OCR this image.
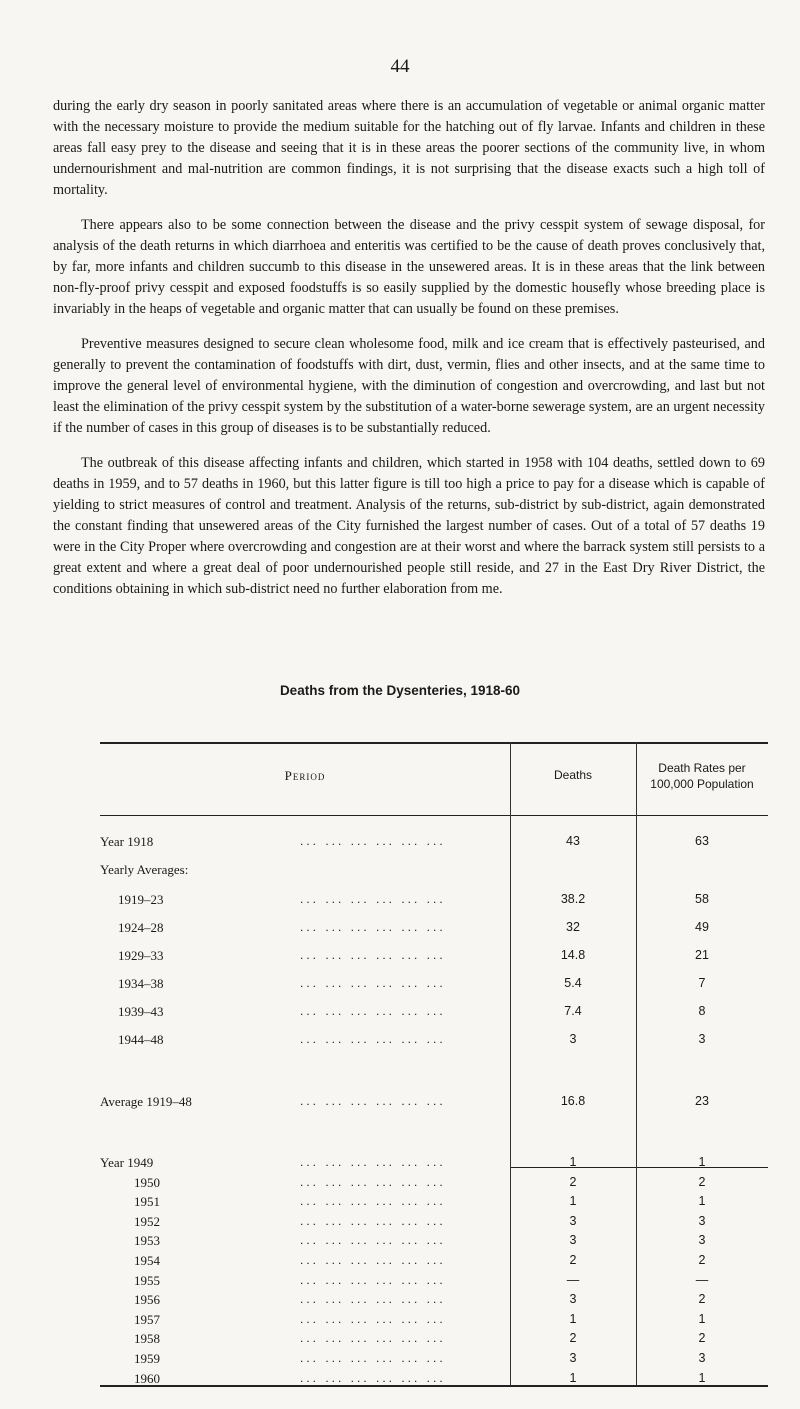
44

during the early dry season in poorly sanitated areas where there is an accumulation of vegetable or animal organic matter with the necessary moisture to provide the medium suitable for the hatching out of fly larvae. Infants and children in these areas fall easy prey to the disease and seeing that it is in these areas the poorer sections of the community live, in whom undernourishment and mal-nutrition are common findings, it is not surprising that the disease exacts such a high toll of mortality.

There appears also to be some connection between the disease and the privy cesspit system of sewage disposal, for analysis of the death returns in which diarrhoea and enteritis was certified to be the cause of death proves conclusively that, by far, more infants and children succumb to this disease in the unsewered areas. It is in these areas that the link between non-fly-proof privy cesspit and exposed foodstuffs is so easily supplied by the domestic housefly whose breeding place is invariably in the heaps of vegetable and organic matter that can usually be found on these premises.

Preventive measures designed to secure clean wholesome food, milk and ice cream that is effectively pasteurised, and generally to prevent the contamination of foodstuffs with dirt, dust, vermin, flies and other insects, and at the same time to improve the general level of environmental hygiene, with the diminution of congestion and overcrowding, and last but not least the elimination of the privy cesspit system by the substitution of a water-borne sewerage system, are an urgent necessity if the number of cases in this group of diseases is to be substantially reduced.

The outbreak of this disease affecting infants and children, which started in 1958 with 104 deaths, settled down to 69 deaths in 1959, and to 57 deaths in 1960, but this latter figure is till too high a price to pay for a disease which is capable of yielding to strict measures of control and treatment. Analysis of the returns, sub-district by sub-district, again demonstrated the constant finding that unsewered areas of the City furnished the largest number of cases. Out of a total of 57 deaths 19 were in the City Proper where overcrowding and congestion are at their worst and where the barrack system still persists to a great extent and where a great deal of poor undernourished people still reside, and 27 in the East Dry River District, the conditions obtaining in which sub-district need no further elaboration from me.

Deaths from the Dysenteries, 1918-60
Period	Deaths	Death Rates per
100,000 Population
Year 1918	... ... ... ... ... ...	43	63
Yearly Averages:
1919–23	... ... ... ... ... ...	38.2	58
1924–28	... ... ... ... ... ...	32	49
1929–33	... ... ... ... ... ...	14.8	21
1934–38	... ... ... ... ... ...	5.4	7
1939–43	... ... ... ... ... ...	7.4	8
1944–48	... ... ... ... ... ...	3	3
Average 1919–48	... ... ... ... ... ...	16.8	23
Year 1949	... ... ... ... ... ...	1	1
1950	... ... ... ... ... ...	2	2
1951	... ... ... ... ... ...	1	1
1952	... ... ... ... ... ...	3	3
1953	... ... ... ... ... ...	3	3
1954	... ... ... ... ... ...	2	2
1955	... ... ... ... ... ...	—	—
1956	... ... ... ... ... ...	3	2
1957	... ... ... ... ... ...	1	1
1958	... ... ... ... ... ...	2	2
1959	... ... ... ... ... ...	3	3
1960	... ... ... ... ... ...	1	1
